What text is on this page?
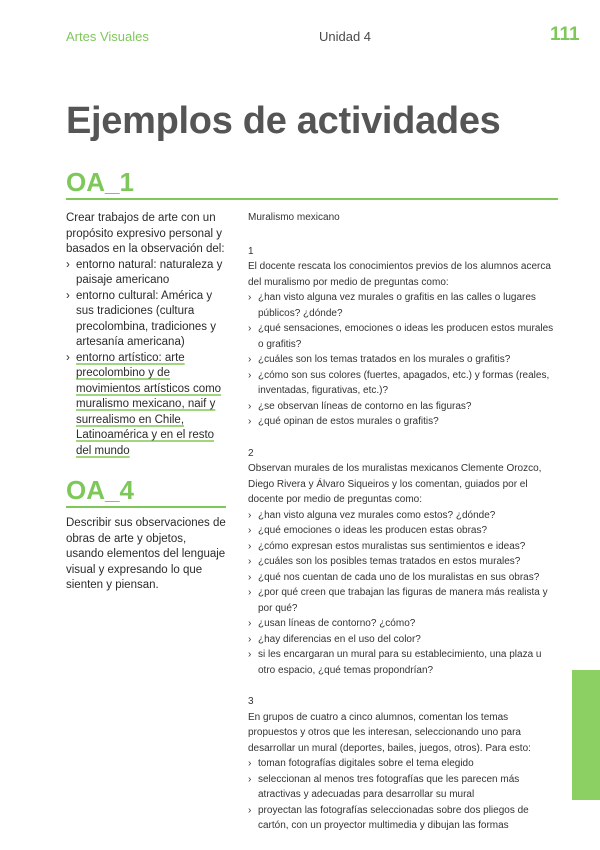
Artes Visuales	Unidad 4	111
Ejemplos de actividades
OA_1

Crear trabajos de arte con un propósito expresivo personal y basados en la observación del:

› entorno natural: naturaleza y paisaje americano
› entorno cultural: América y sus tradiciones (cultura precolombina, tradiciones y artesanía americana)
› entorno artístico: arte precolombino y de movimientos artísticos como muralismo mexicano, naif y surrealismo en Chile, Latinoamérica y en el resto del mundo
OA_4

Describir sus observaciones de obras de arte y objetos, usando elementos del lenguaje visual y expresando lo que sienten y piensan.

Muralismo mexicano
1

El docente rescata los conocimientos previos de los alumnos acerca del muralismo por medio de preguntas como:

› ¿han visto alguna vez murales o grafitis en las calles o lugares públicos? ¿dónde?
› ¿qué sensaciones, emociones o ideas les producen estos murales o grafitis?
› ¿cuáles son los temas tratados en los murales o grafitis?
› ¿cómo son sus colores (fuertes, apagados, etc.) y formas (reales, inventadas, figurativas, etc.)?
› ¿se observan líneas de contorno en las figuras?
› ¿qué opinan de estos murales o grafitis?
2

Observan murales de los muralistas mexicanos Clemente Orozco, Diego Rivera y Álvaro Siqueiros y los comentan, guiados por el docente por medio de preguntas como:

› ¿han visto alguna vez murales como estos? ¿dónde?
› ¿qué emociones o ideas les producen estas obras?
› ¿cómo expresan estos muralistas sus sentimientos e ideas?
› ¿cuáles son los posibles temas tratados en estos murales?
› ¿qué nos cuentan de cada uno de los muralistas en sus obras?
› ¿por qué creen que trabajan las figuras de manera más realista y por qué?
› ¿usan líneas de contorno? ¿cómo?
› ¿hay diferencias en el uso del color?
› si les encargaran un mural para su establecimiento, una plaza u otro espacio, ¿qué temas propondrían?
3

En grupos de cuatro a cinco alumnos, comentan los temas propuestos y otros que les interesan, seleccionando uno para desarrollar un mural (deportes, bailes, juegos, otros). Para esto:

› toman fotografías digitales sobre el tema elegido
› seleccionan al menos tres fotografías que les parecen más atractivas y adecuadas para desarrollar su mural
› proyectan las fotografías seleccionadas sobre dos pliegos de cartón, con un proyector multimedia y dibujan las formas
